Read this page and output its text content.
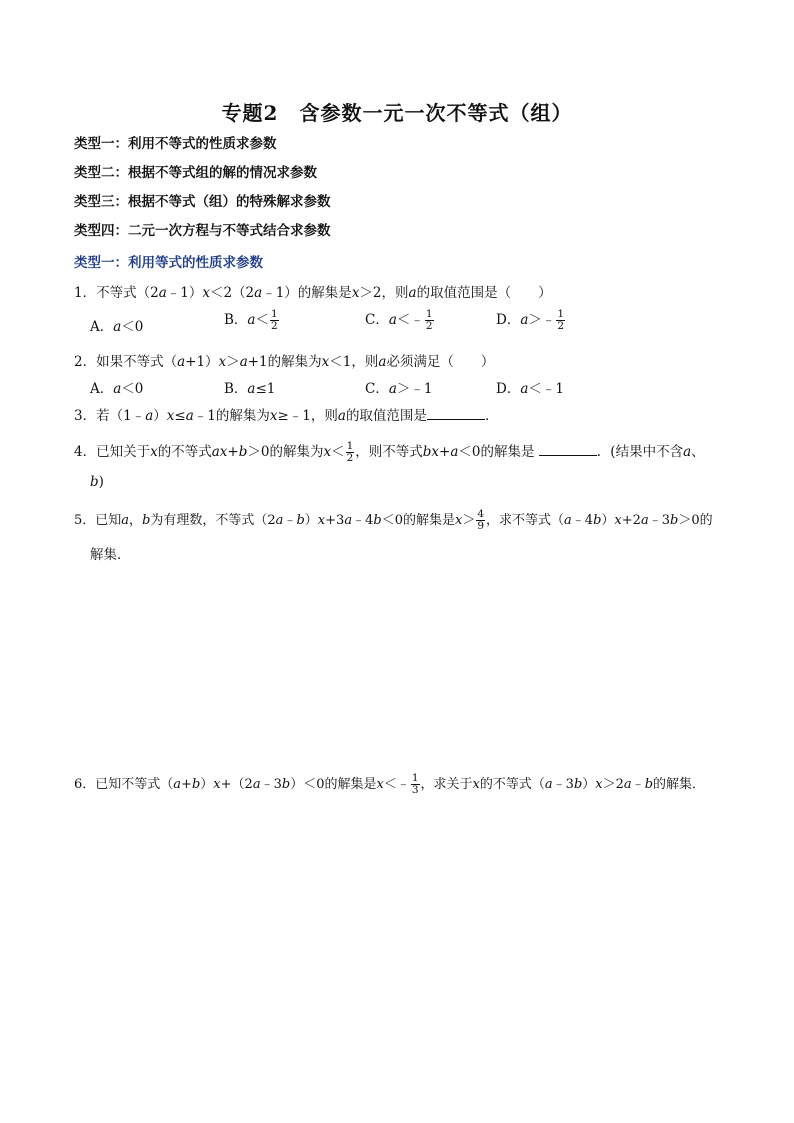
专题2　含参数一元一次不等式（组）
类型一：利用不等式的性质求参数
类型二：根据不等式组的解的情况求参数
类型三：根据不等式（组）的特殊解求参数
类型四：二元一次方程与不等式结合求参数
类型一：利用等式的性质求参数
1．不等式（2a﹣1）x＜2（2a﹣1）的解集是x＞2，则a的取值范围是（　　）
A．a＜0	B．$a< \frac{1}{2}$	C．a＜﹣ $\frac{1}{2}$	D．a＞﹣ $\frac{1}{2}$
2．如果不等式（a+1）x＞a+1的解集为x＜1，则a必须满足（　　）
A．a＜0	B．a≤1	C．a＞﹣1	D．a＜﹣1
3．若（1﹣a）x≤a﹣1的解集为x≥﹣1，则a的取值范围是	．
4．已知关于x的不等式ax+b＞0的解集为$x< \frac{1}{2}$ ，则不等式bx+a＜0的解集是	．(结果中不含a、
b)
5．已知a，b为有理数，不等式（2a﹣b）x+3a﹣4b＜0的解集是$x> \frac{4}{9}$ ，求不等式（a﹣4b）x+2a﹣3b＞0的
解集．
6．已知不等式（a+b）x+（2a﹣3b）＜0的解集是x＜﹣ $\frac{1}{3}$ ，求关于x的不等式（a﹣3b）x＞2a﹣b的解集．
